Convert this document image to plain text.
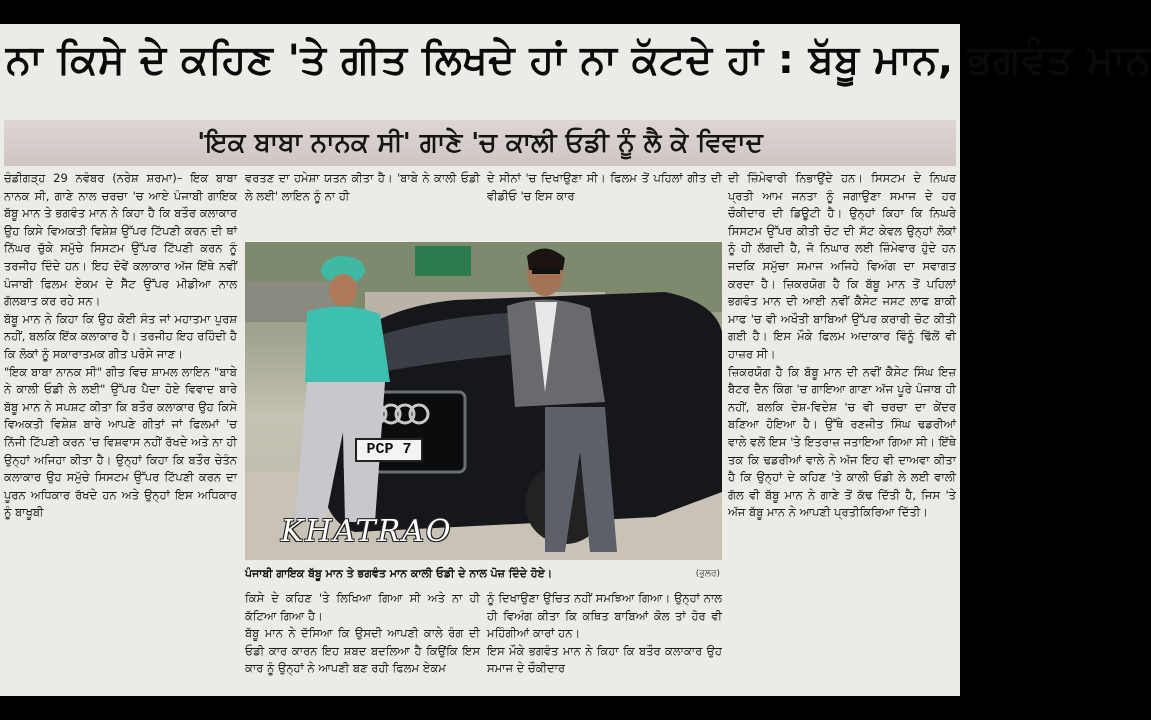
ਨਾ ਕਿਸੇ ਦੇ ਕਹਿਣ 'ਤੇ ਗੀਤ ਲਿਖਦੇ ਹਾਂ ਨਾ ਕੱਟਦੇ ਹਾਂ : ਬੱਬੂ ਮਾਨ, ਭਗਵੰਤ ਮਾਨ
'ਇਕ ਬਾਬਾ ਨਾਨਕ ਸੀ' ਗਾਣੇ 'ਚ ਕਾਲੀ ਓਡੀ ਨੂੰ ਲੈ ਕੇ ਵਿਵਾਦ

ਚੰਡੀਗੜ੍ਹ 29 ਨਵੰਬਰ (ਨਰੇਸ਼ ਸ਼ਰਮਾ)– ਇਕ ਬਾਬਾ ਨਾਨਕ ਸੀ, ਗਾਣੇ ਨਾਲ ਚਰਚਾ 'ਚ ਆਏ ਪੰਜਾਬੀ ਗਾਇਕ ਬੱਬੂ ਮਾਨ ਤੇ ਭਗਵੰਤ ਮਾਨ ਨੇ ਕਿਹਾ ਹੈ ਕਿ ਬਤੌਰ ਕਲਾਕਾਰ ਉਹ ਕਿਸੇ ਵਿਅਕਤੀ ਵਿਸ਼ੇਸ਼ ਉੱਪਰ ਟਿੱਪਣੀ ਕਰਨ ਦੀ ਥਾਂ ਨਿੱਘਰ ਚੁੱਕੇ ਸਮੁੱਚੇ ਸਿਸਟਮ ਉੱਪਰ ਟਿੱਪਣੀ ਕਰਨ ਨੂੰ ਤਰਜੀਹ ਦਿੰਦੇ ਹਨ। ਇਹ ਦੋਵੇਂ ਕਲਾਕਾਰ ਅੱਜ ਇੱਥੇ ਨਵੀਂ ਪੰਜਾਬੀ ਫਿਲਮ ਏਕਮ ਦੇ ਸੈੱਟ ਉੱਪਰ ਮੀਡੀਆ ਨਾਲ ਗੱਲਬਾਤ ਕਰ ਰਹੇ ਸਨ।

ਬੱਬੂ ਮਾਨ ਨੇ ਕਿਹਾ ਕਿ ਉਹ ਕੋਈ ਸੰਤ ਜਾਂ ਮਹਾਤਮਾ ਪੁਰਸ਼ ਨਹੀਂ, ਬਲਕਿ ਇੱਕ ਕਲਾਕਾਰ ਹੈ। ਤਰਜੀਹ ਇਹ ਰਹਿੰਦੀ ਹੈ ਕਿ ਲੋਕਾਂ ਨੂੰ ਸਕਾਰਾਤਮਕ ਗੀਤ ਪਰੋਸੇ ਜਾਣ।

"ਇਕ ਬਾਬਾ ਨਾਨਕ ਸੀ" ਗੀਤ ਵਿਚ ਸ਼ਾਮਲ ਲਾਇਨ "ਬਾਬੇ ਨੇ ਕਾਲੀ ਓਡੀ ਲੇ ਲਈ" ਉੱਪਰ ਪੈਦਾ ਹੋਏ ਵਿਵਾਦ ਬਾਰੇ ਬੱਬੂ ਮਾਨ ਨੇ ਸਪਸ਼ਟ ਕੀਤਾ ਕਿ ਬਤੌਰ ਕਲਾਕਾਰ ਉਹ ਕਿਸੇ ਵਿਅਕਤੀ ਵਿਸ਼ੇਸ਼ ਬਾਰੇ ਆਪਣੇ ਗੀਤਾਂ ਜਾਂ ਫਿਲਮਾਂ 'ਚ ਨਿੱਜੀ ਟਿੱਪਣੀ ਕਰਨ 'ਚ ਵਿਸ਼ਵਾਸ ਨਹੀਂ ਰੱਖਦੇ ਅਤੇ ਨਾ ਹੀ ਉਨ੍ਹਾਂ ਅਜਿਹਾ ਕੀਤਾ ਹੈ। ਉਨ੍ਹਾਂ ਕਿਹਾ ਕਿ ਬਤੌਰ ਚੇਤੰਨ ਕਲਾਕਾਰ ਉਹ ਸਮੁੱਚੇ ਸਿਸਟਮ ਉੱਪਰ ਟਿੱਪਣੀ ਕਰਨ ਦਾ ਪੂਰਨ ਅਧਿਕਾਰ ਰੱਖਦੇ ਹਨ ਅਤੇ ਉਨ੍ਹਾਂ ਇਸ ਅਧਿਕਾਰ ਨੂੰ ਬਾਖੂਬੀ

ਵਰਤਣ ਦਾ ਹਮੇਸ਼ਾ ਯਤਨ ਕੀਤਾ ਹੈ। 'ਬਾਬੇ ਨੇ ਕਾਲੀ ਓਡੀ ਲੇ ਲਈ' ਲਾਇਨ ਨੂੰ ਨਾ ਹੀ

ਦੇ ਸੀਨਾਂ 'ਚ ਦਿਖਾਉਣਾ ਸੀ। ਫਿਲਮ ਤੋਂ ਪਹਿਲਾਂ ਗੀਤ ਦੀ ਵੀਡੀਓ 'ਚ ਇਸ ਕਾਰ

ਦੀ ਜ਼ਿੰਮੇਵਾਰੀ ਨਿਭਾਉਂਦੇ ਹਨ। ਸਿਸਟਮ ਦੇ ਨਿਘਰ ਪ੍ਰਤੀ ਆਮ ਜਨਤਾ ਨੂੰ ਜਗਾਉਣਾ ਸਮਾਜ ਦੇ ਹਰ ਚੌਕੀਦਾਰ ਦੀ ਡਿਊਟੀ ਹੈ। ਉਨ੍ਹਾਂ ਕਿਹਾ ਕਿ ਨਿਘਰੇ ਸਿਸਟਮ ਉੱਪਰ ਕੀਤੀ ਚੋਟ ਦੀ ਸੱਟ ਕੇਵਲ ਉਨ੍ਹਾਂ ਲੋਕਾਂ ਨੂੰ ਹੀ ਲੱਗਦੀ ਹੈ, ਜੋ ਨਿਘਾਰ ਲਈ ਜ਼ਿੰਮੇਵਾਰ ਹੁੰਦੇ ਹਨ ਜਦਕਿ ਸਮੁੱਚਾ ਸਮਾਜ ਅਜਿਹੇ ਵਿਅੰਗ ਦਾ ਸਵਾਗਤ ਕਰਦਾ ਹੈ। ਜ਼ਿਕਰਯੋਗ ਹੈ ਕਿ ਬੱਬੂ ਮਾਨ ਤੋਂ ਪਹਿਲਾਂ ਭਗਵੰਤ ਮਾਨ ਦੀ ਆਈ ਨਵੀਂ ਕੈਸੇਟ ਜਸਟ ਲਾਫ ਬਾਕੀ ਮਾਫ 'ਚ ਵੀ ਅਖੌਤੀ ਬਾਬਿਆਂ ਉੱਪਰ ਕਰਾਰੀ ਚੋਟ ਕੀਤੀ ਗਈ ਹੈ। ਇਸ ਮੌਕੇ ਫਿਲਮ ਅਦਾਕਾਰ ਵਿੰਨੂੰ ਢਿੱਲੋਂ ਵੀ ਹਾਜ਼ਰ ਸੀ।

ਜ਼ਿਕਰਯੋਗ ਹੈ ਕਿ ਬੱਬੂ ਮਾਨ ਦੀ ਨਵੀਂ ਕੈਸੇਟ ਸਿੰਘ ਇਜ਼ ਬੈਟਰ ਦੈਨ ਕਿੰਗ 'ਚ ਗਾਇਆ ਗਾਣਾ ਅੱਜ ਪੂਰੇ ਪੰਜਾਬ ਹੀ ਨਹੀਂ, ਬਲਕਿ ਦੇਸ਼-ਵਿਦੇਸ਼ 'ਚ ਵੀ ਚਰਚਾ ਦਾ ਕੇਂਦਰ ਬਣਿਆ ਹੋਇਆ ਹੈ। ਉੱਥੇ ਰਣਜੀਤ ਸਿੰਘ ਢਡਰੀਆਂ ਵਾਲੇ ਵਲੋਂ ਇਸ 'ਤੇ ਇਤਰਾਜ਼ ਜਤਾਇਆ ਗਿਆ ਸੀ। ਇੱਥੇ ਤਕ ਕਿ ਢਡਰੀਆਂ ਵਾਲੇ ਨੇ ਅੱਜ ਇਹ ਵੀ ਦਾਅਵਾ ਕੀਤਾ ਹੈ ਕਿ ਉਨ੍ਹਾਂ ਦੇ ਕਹਿਣ 'ਤੇ ਕਾਲੀ ਓਡੀ ਲੇ ਲਈ ਵਾਲੀ ਗੱਲ ਵੀ ਬੱਬੂ ਮਾਨ ਨੇ ਗਾਣੇ ਤੋਂ ਕੱਢ ਦਿੱਤੀ ਹੈ, ਜਿਸ 'ਤੇ ਅੱਜ ਬੱਬੂ ਮਾਨ ਨੇ ਆਪਣੀ ਪ੍ਰਤੀਕਿਰਿਆ ਦਿੱਤੀ।

PCP 7
KHATRAO
ਪੰਜਾਬੀ ਗਾਇਕ ਬੱਬੂ ਮਾਨ ਤੇ ਭਗਵੰਤ ਮਾਨ ਕਾਲੀ ਓਡੀ ਦੇ ਨਾਲ ਪੋਜ਼ ਦਿੰਦੇ ਹੋਏ।	(ਭੁਲਰ)

ਕਿਸੇ ਦੇ ਕਹਿਣ 'ਤੇ ਲਿਖਿਆ ਗਿਆ ਸੀ ਅਤੇ ਨਾ ਹੀ ਕੱਟਿਆ ਗਿਆ ਹੈ।

ਬੱਬੂ ਮਾਨ ਨੇ ਦੱਸਿਆ ਕਿ ਉਸਦੀ ਆਪਣੀ ਕਾਲੇ ਰੰਗ ਦੀ ਓਡੀ ਕਾਰ ਕਾਰਨ ਇਹ ਸ਼ਬਦ ਬਦਲਿਆ ਹੈ ਕਿਉਂਕਿ ਇਸ ਕਾਰ ਨੂੰ ਉਨ੍ਹਾਂ ਨੇ ਆਪਣੀ ਬਣ ਰਹੀ ਫਿਲਮ ਏਕਮ

ਨੂੰ ਦਿਖਾਉਣਾ ਉਚਿਤ ਨਹੀਂ ਸਮਝਿਆ ਗਿਆ। ਉਨ੍ਹਾਂ ਨਾਲ ਹੀ ਵਿਅੰਗ ਕੀਤਾ ਕਿ ਕਥਿਤ ਬਾਬਿਆਂ ਕੋਲ ਤਾਂ ਹੋਰ ਵੀ ਮਹਿੰਗੀਆਂ ਕਾਰਾਂ ਹਨ।

ਇਸ ਮੌਕੇ ਭਗਵੰਤ ਮਾਨ ਨੇ ਕਿਹਾ ਕਿ ਬਤੌਰ ਕਲਾਕਾਰ ਉਹ ਸਮਾਜ ਦੇ ਚੌਕੀਦਾਰ
